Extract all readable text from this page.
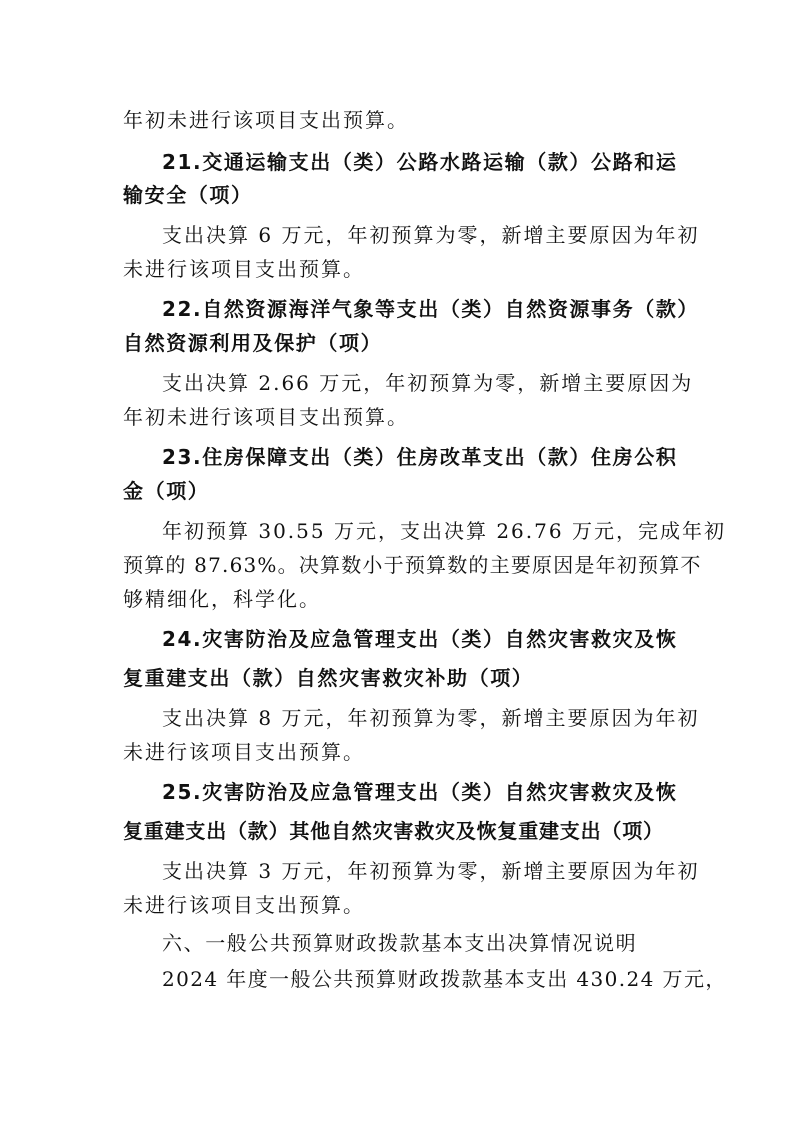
年初未进行该项目支出预算。
21.交通运输支出（类）公路水路运输（款）公路和运
输安全（项）
支出决算 6 万元，年初预算为零，新增主要原因为年初
未进行该项目支出预算。
22.自然资源海洋气象等支出（类）自然资源事务（款）
自然资源利用及保护（项）
支出决算 2.66 万元，年初预算为零，新增主要原因为
年初未进行该项目支出预算。
23.住房保障支出（类）住房改革支出（款）住房公积
金（项）
年初预算 30.55 万元，支出决算 26.76 万元，完成年初
预算的 87.63%。决算数小于预算数的主要原因是年初预算不
够精细化，科学化。
24.灾害防治及应急管理支出（类）自然灾害救灾及恢
复重建支出（款）自然灾害救灾补助（项）
支出决算 8 万元，年初预算为零，新增主要原因为年初
未进行该项目支出预算。
25.灾害防治及应急管理支出（类）自然灾害救灾及恢
复重建支出（款）其他自然灾害救灾及恢复重建支出（项）
支出决算 3 万元，年初预算为零，新增主要原因为年初
未进行该项目支出预算。
六、一般公共预算财政拨款基本支出决算情况说明
2024 年度一般公共预算财政拨款基本支出 430.24 万元，
